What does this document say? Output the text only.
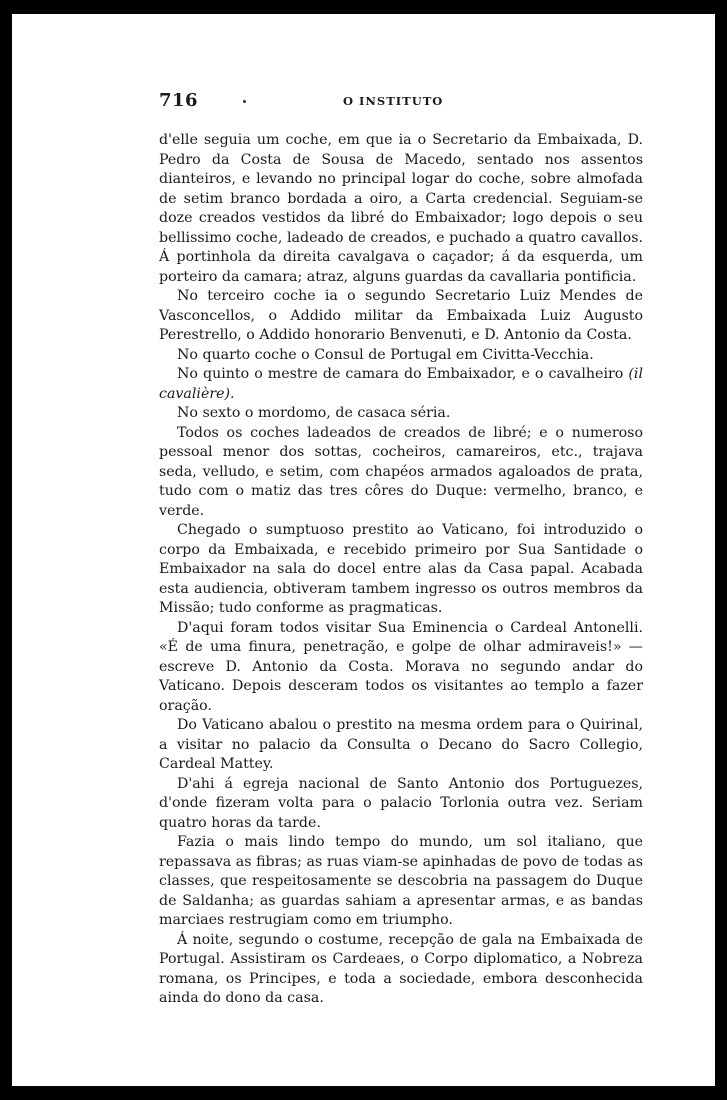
716	O INSTITUTO

d'elle seguia um coche, em que ia o Secretario da Embaixada, D. Pedro da Costa de Sousa de Macedo, sentado nos assentos dianteiros, e levando no principal logar do coche, sobre almofada de setim branco bordada a oiro, a Carta credencial. Seguiam-se doze creados vestidos da libré do Embaixador; logo depois o seu bellissimo coche, ladeado de creados, e puchado a quatro cavallos. Á portinhola da direita cavalgava o caçador; á da esquerda, um porteiro da camara; atraz, alguns guardas da cavallaria pontificia.

No terceiro coche ia o segundo Secretario Luiz Mendes de Vasconcellos, o Addido militar da Embaixada Luiz Augusto Perestrello, o Addido honorario Benvenuti, e D. Antonio da Costa.

No quarto coche o Consul de Portugal em Civitta-Vecchia.

No quinto o mestre de camara do Embaixador, e o cavalheiro (il cavalière).

No sexto o mordomo, de casaca séria.

Todos os coches ladeados de creados de libré; e o numeroso pessoal menor dos sottas, cocheiros, camareiros, etc., trajava seda, velludo, e setim, com chapéos armados agaloados de prata, tudo com o matiz das tres côres do Duque: vermelho, branco, e verde.

Chegado o sumptuoso prestito ao Vaticano, foi introduzido o corpo da Embaixada, e recebido primeiro por Sua Santidade o Embaixador na sala do docel entre alas da Casa papal. Acabada esta audiencia, obtiveram tambem ingresso os outros membros da Missão; tudo conforme as pragmaticas.

D'aqui foram todos visitar Sua Eminencia o Cardeal Antonelli. «É de uma finura, penetração, e golpe de olhar admiraveis!» — escreve D. Antonio da Costa. Morava no segundo andar do Vaticano. Depois desceram todos os visitantes ao templo a fazer oração.

Do Vaticano abalou o prestito na mesma ordem para o Quirinal, a visitar no palacio da Consulta o Decano do Sacro Collegio, Cardeal Mattey.

D'ahi á egreja nacional de Santo Antonio dos Portuguezes, d'onde fizeram volta para o palacio Torlonia outra vez. Seriam quatro horas da tarde.

Fazia o mais lindo tempo do mundo, um sol italiano, que repassava as fibras; as ruas viam-se apinhadas de povo de todas as classes, que respeitosamente se descobria na passagem do Duque de Saldanha; as guardas sahiam a apresentar armas, e as bandas marciaes restrugiam como em triumpho.

Á noite, segundo o costume, recepção de gala na Embaixada de Portugal. Assistiram os Cardeaes, o Corpo diplomatico, a Nobreza romana, os Principes, e toda a sociedade, embora desconhecida ainda do dono da casa.
